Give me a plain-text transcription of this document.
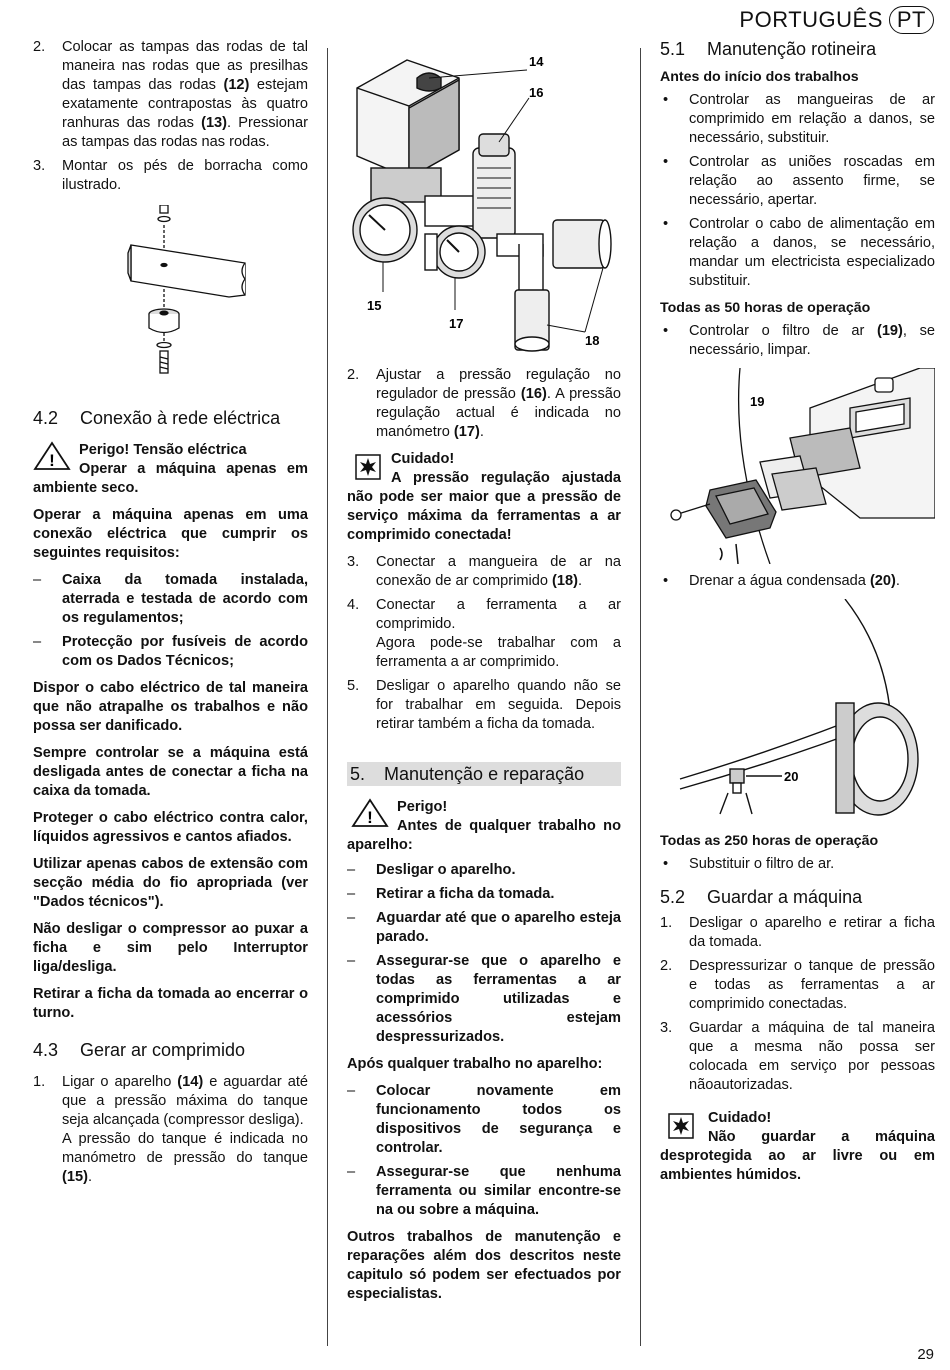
PORTUGUÊS PT
2. Colocar as tampas das rodas de tal maneira nas rodas que as presilhas das tampas das rodas (12) estejam exatamente contrapostas às quatro ranhuras das rodas (13). Pressionar as tampas das rodas nas rodas.
3. Montar os pés de borracha como ilustrado.
4.2 Conexão à rede eléctrica
!
Perigo! Tensão eléctrica
Operar a máquina apenas em ambiente seco.

Operar a máquina apenas em uma conexão eléctrica que cumprir os seguintes requisitos:

– Caixa da tomada instalada, aterrada e testada de acordo com os regulamentos;
– Protecção por fusíveis de acordo com os Dados Técnicos;

Dispor o cabo eléctrico de tal maneira que não atrapalhe os trabalhos e não possa ser danificado.

Sempre controlar se a máquina está desligada antes de conectar a ficha na caixa da tomada.

Proteger o cabo eléctrico contra calor, líquidos agressivos e cantos afiados.

Utilizar apenas cabos de extensão com secção média do fio apropriada (ver "Dados técnicos").

Não desligar o compressor ao puxar a ficha e sim pelo Interruptor liga/desliga.

Retirar a ficha da tomada ao encerrar o turno.

4.3 Gerar ar comprimido
1. Ligar o aparelho (14) e aguardar até que a pressão máxima do tanque seja alcançada (compressor desliga).
A pressão do tanque é indicada no manómetro de pressão do tanque (15).
14
16
15
17
18
2. Ajustar a pressão regulação no regulador de pressão (16). A pressão regulação actual é indicada no manómetro (17).
Cuidado!
A pressão regulação ajustada não pode ser maior que a pressão de serviço máxima da ferramentas a ar comprimido conectada!
3. Conectar a mangueira de ar na conexão de ar comprimido (18).
4. Conectar a ferramenta a ar comprimido.
Agora pode-se trabalhar com a ferramenta a ar comprimido.
5. Desligar o aparelho quando não se for trabalhar em seguida. Depois retirar também a ficha da tomada.
5. Manutenção e reparação
!
Perigo!
Antes de qualquer trabalho no aparelho:
– Desligar o aparelho.
– Retirar a ficha da tomada.
– Aguardar até que o aparelho esteja parado.
– Assegurar-se que o aparelho e todas as ferramentas a ar comprimido utilizadas e acessórios estejam despressurizados.

Após qualquer trabalho no aparelho:

– Colocar novamente em funcionamento todos os dispositivos de segurança e controlar.
– Assegurar-se que nenhuma ferramenta ou similar encontre-se na ou sobre a máquina.

Outros trabalhos de manutenção e reparações além dos descritos neste capitulo só podem ser efectuados por especialistas.

5.1 Manutenção rotineira
Antes do início dos trabalhos
• Controlar as mangueiras de ar comprimido em relação a danos, se necessário, substituir.
• Controlar as uniões roscadas em relação ao assento firme, se necessário, apertar.
• Controlar o cabo de alimentação em relação a danos, se necessário, mandar um electricista especializado substituir.
Todas as 50 horas de operação
• Controlar o filtro de ar (19), se necessário, limpar.
19
• Drenar a água condensada (20).
20
Todas as 250 horas de operação
• Substituir o filtro de ar.
5.2 Guardar a máquina
1. Desligar o aparelho e retirar a ficha da tomada.
2. Despressurizar o tanque de pressão e todas as ferramentas a ar comprimido conectadas.
3. Guardar a máquina de tal maneira que a mesma não possa ser colocada em serviço por pessoas nãoautorizadas.
Cuidado!
Não guardar a máquina desprotegida ao ar livre ou em ambientes húmidos.
29
